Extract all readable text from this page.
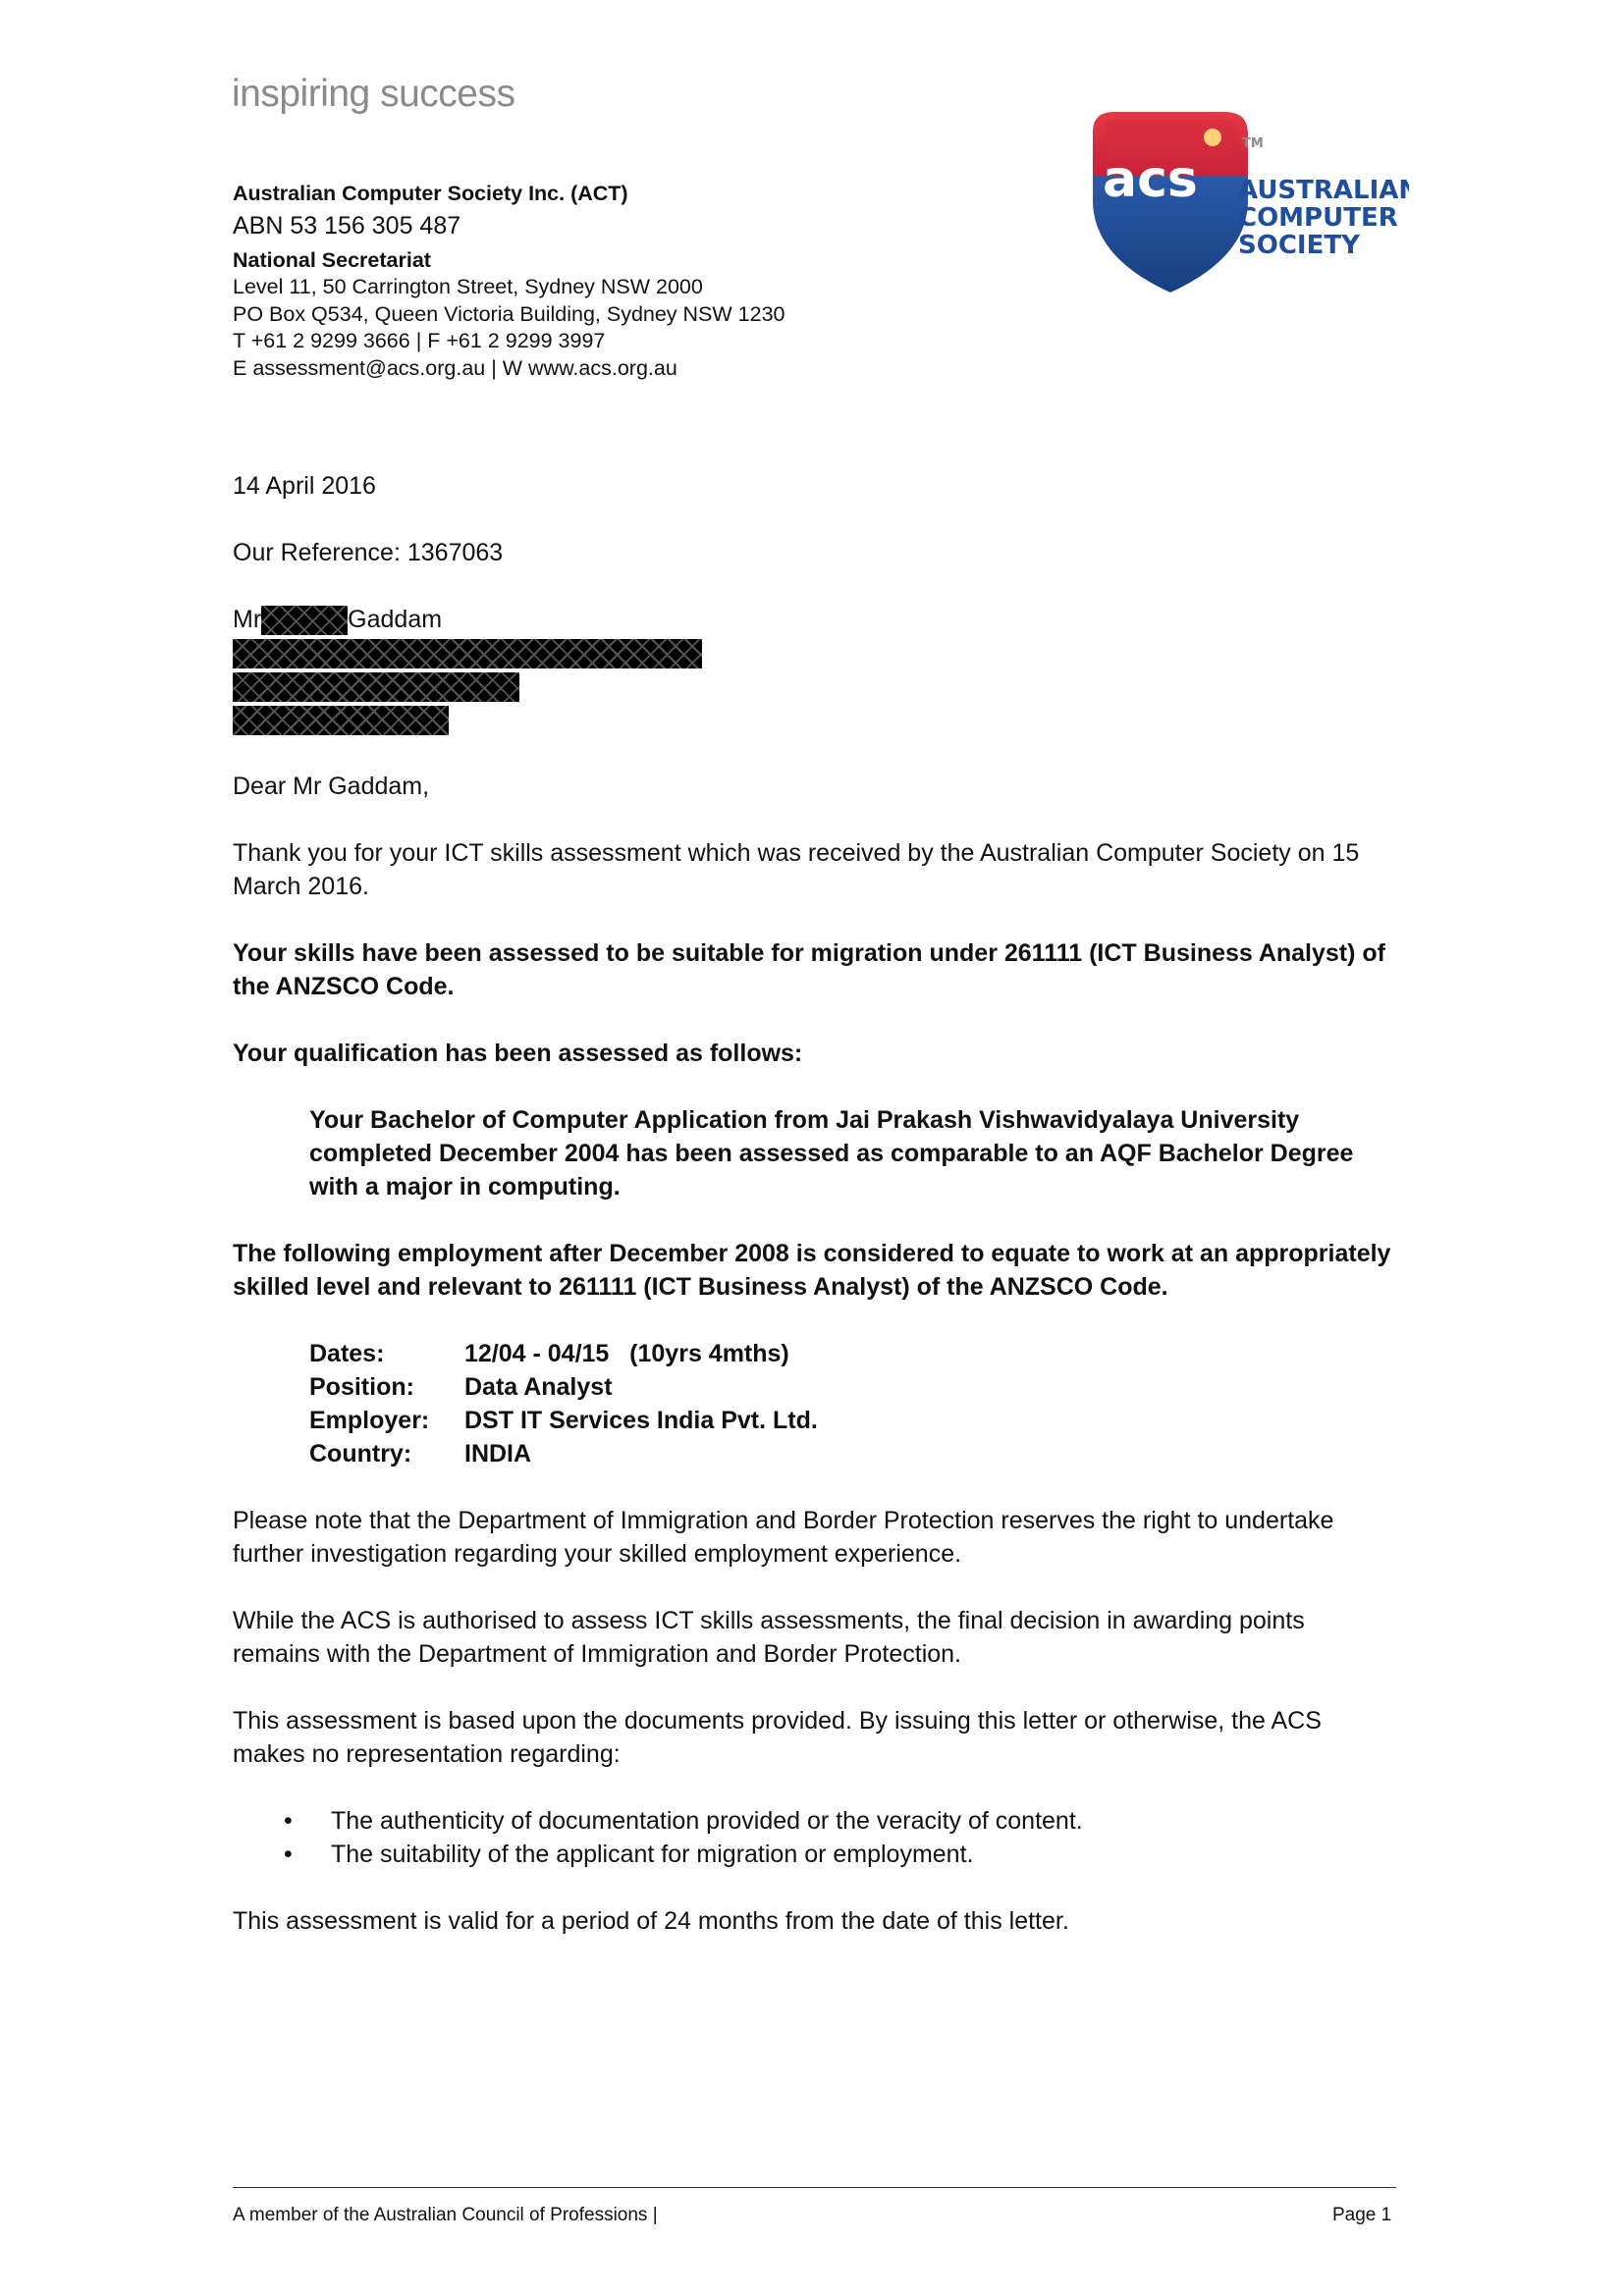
inspiring success
Australian Computer Society Inc. (ACT)
ABN 53 156 305 487
National Secretariat
Level 11, 50 Carrington Street, Sydney NSW 2000
PO Box Q534, Queen Victoria Building, Sydney NSW 1230
T +61 2 9299 3666 | F +61 2 9299 3997
E assessment@acs.org.au | W www.acs.org.au
acs
TM
AUSTRALIAN
COMPUTER
SOCIETY
14 April 2016
Our Reference: 1367063
Mr	Gaddam
Dear Mr Gaddam,
Thank you for your ICT skills assessment which was received by the Australian Computer Society on 15 March 2016.
Your skills have been assessed to be suitable for migration under 261111 (ICT Business Analyst) of the ANZSCO Code.
Your qualification has been assessed as follows:
Your Bachelor of Computer Application from Jai Prakash Vishwavidyalaya University completed December 2004 has been assessed as comparable to an AQF Bachelor Degree with a major in computing.
The following employment after December 2008 is considered to equate to work at an appropriately skilled level and relevant to 261111 (ICT Business Analyst) of the ANZSCO Code.
Dates:	12/04 - 04/15   (10yrs 4mths)
Position:	Data Analyst
Employer:	DST IT Services India Pvt. Ltd.
Country:	INDIA
Please note that the Department of Immigration and Border Protection reserves the right to undertake further investigation regarding your skilled employment experience.
While the ACS is authorised to assess ICT skills assessments, the final decision in awarding points remains with the Department of Immigration and Border Protection.
This assessment is based upon the documents provided. By issuing this letter or otherwise, the ACS makes no representation regarding:
• The authenticity of documentation provided or the veracity of content.
• The suitability of the applicant for migration or employment.
This assessment is valid for a period of 24 months from the date of this letter.
A member of the Australian Council of Professions |	Page 1
